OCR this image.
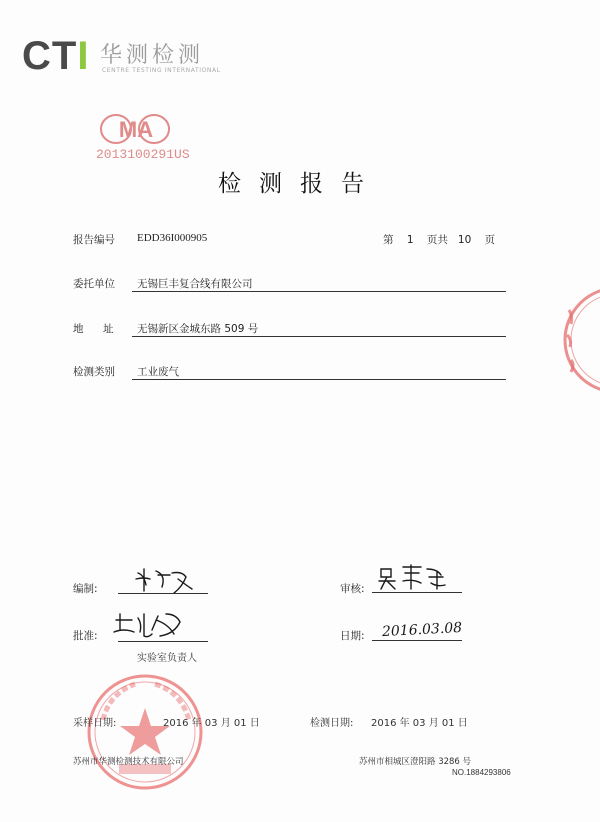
CTI 华测检测
CENTRE TESTING INTERNATIONAL
MA
2013100291US
检测报告
报告编号 EDD36I000905	第 1 页共 10 页
委托单位 无锡巨丰复合线有限公司
地 址 无锡新区金城东路 509 号
检测类别 工业废气
编制:	审核:
批准:
实验室负责人
日期: 2016.03.08
采样日期:	2016 年 03 月 01 日	检测日期: 2016 年 03 月 01 日
苏州市华测检测技术有限公司	苏州市相城区澄阳路 3286 号
NO.1884293806
